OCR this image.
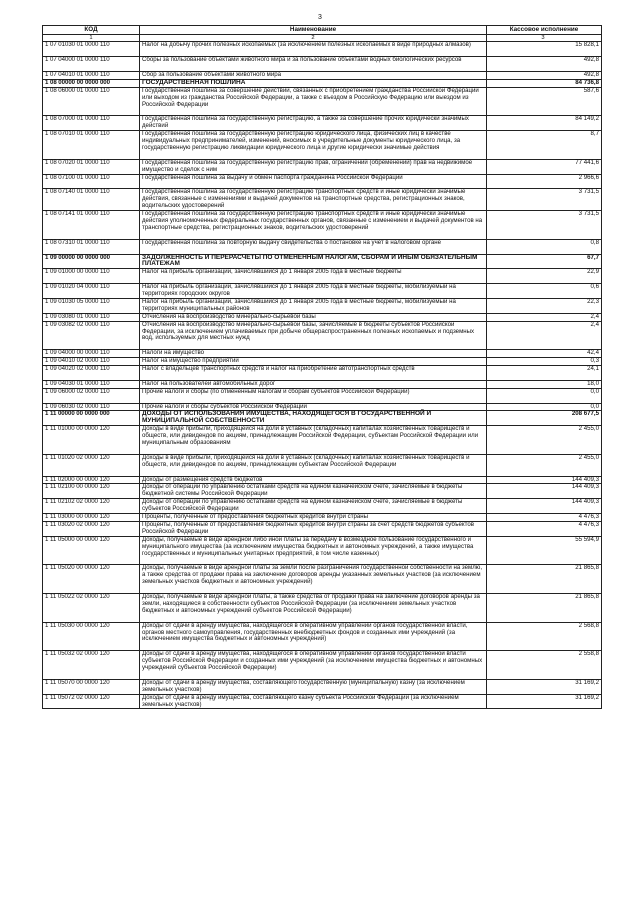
3
КОД	Наименование	Кассовое исполнение
1	2	3
1 07 01030 01 0000 110	Налог на добычу прочих полезных ископаемых (за исключением полезных ископаемых в виде природных алмазов)	15 828,1
1 07 04000 01 0000 110	Сборы за пользование объектами животного мира и за пользование объектами водных биологических ресурсов	492,8
1 07 04010 01 0000 110	Сбор за пользование объектами животного мира	492,8
1 08 00000 00 0000 000	ГОСУДАРСТВЕННАЯ ПОШЛИНА	84 736,8
1 08 06000 01 0000 110	Государственная пошлина за совершение действий, связанных с приобретением гражданства Российской Федерации или выходом из гражданства Российской Федерации, а также с въездом в Российскую Федерацию или выездом из Российской Федерации	587,6
1 08 07000 01 0000 110	Государственная пошлина за государственную регистрацию, а также за совершение прочих юридически значимых действий	84 149,2
1 08 07010 01 0000 110	Государственная пошлина за государственную регистрацию юридического лица, физических лиц в качестве индивидуальных предпринимателей, изменений, вносимых в учредительные документы юридического лица, за государственную регистрацию ликвидации юридического лица и другие юридически значимые действия	8,7
1 08 07020 01 0000 110	Государственная пошлина за государственную регистрацию прав, ограничений (обременений) прав на недвижимое имущество и сделок с ним	77 441,6
1 08 07100 01 0000 110	Государственная пошлина за выдачу и обмен паспорта гражданина Российской Федерации	2 966,6
1 08 07140 01 0000 110	Государственная пошлина за государственную регистрацию транспортных средств и иные юридически значимые действия, связанные с изменениями и выдачей документов на транспортные средства, регистрационных знаков, водительских удостоверений	3 731,5
1 08 07141 01 0000 110	Государственная пошлина за государственную регистрацию транспортных средств и иные юридически значимые действия уполномоченных федеральных государственных органов, связанные с изменением и выдачей документов на транспортные средства, регистрационных знаков, водительских удостоверений	3 731,5
1 08 07310 01 0000 110	Государственная пошлина за повторную выдачу свидетельства о постановке на учет в налоговом органе	0,8
1 09 00000 00 0000 000	ЗАДОЛЖЕННОСТЬ И ПЕРЕРАСЧЕТЫ ПО ОТМЕНЕННЫМ НАЛОГАМ, СБОРАМ И ИНЫМ ОБЯЗАТЕЛЬНЫМ ПЛАТЕЖАМ	67,7
1 09 01000 00 0000 110	Налог на прибыль организаций, зачислявшийся до 1 января 2005 года в местные бюджеты	22,9
1 09 01020 04 0000 110	Налог на прибыль организаций, зачислявшийся до 1 января 2005 года в местные бюджеты, мобилизуемый на территориях городских округов	0,6
1 09 01030 05 0000 110	Налог на прибыль организаций, зачислявшийся до 1 января 2005 года в местные бюджеты, мобилизуемый на территориях муниципальных районов	22,3
1 09 03080 01 0000 110	Отчисления на воспроизводство минерально-сырьевой базы	2,4
1 09 03082 02 0000 110	Отчисления на воспроизводство минерально-сырьевой базы, зачисляемые в бюджеты субъектов Российской Федерации, за исключением уплачиваемых при добыче общераспространенных полезных ископаемых и подземных вод, используемых для местных нужд	2,4
1 09 04000 00 0000 110	Налоги на имущество	42,4
1 09 04010 02 0000 110	Налог на имущество предприятий	0,3
1 09 04020 02 0000 110	Налог с владельцев транспортных средств и налог на приобретение автотранспортных средств	24,1
1 09 04030 01 0000 110	Налог на пользователей автомобильных дорог	18,0
1 09 06000 02 0000 110	Прочие налоги и сборы (по отмененным налогам и сборам субъектов Российской Федерации)	0,0
1 09 06030 02 0000 110	Прочие налоги и сборы субъектов Российской Федерации	0,0
1 11 00000 00 0000 000	ДОХОДЫ ОТ ИСПОЛЬЗОВАНИЯ ИМУЩЕСТВА, НАХОДЯЩЕГОСЯ В ГОСУДАРСТВЕННОЙ И МУНИЦИПАЛЬНОЙ СОБСТВЕННОСТИ	208 677,5
1 11 01000 00 0000 120	Доходы в виде прибыли, приходящейся на доли в уставных (складочных) капиталах хозяйственных товариществ и обществ, или дивидендов по акциям, принадлежащим Российской Федерации, субъектам Российской Федерации или муниципальным образованиям	2 455,0
1 11 01020 02 0000 120	Доходы в виде прибыли, приходящейся на доли в уставных (складочных) капиталах хозяйственных товариществ и обществ, или дивидендов по акциям, принадлежащим субъектам Российской Федерации	2 455,0
1 11 02000 00 0000 120	Доходы от размещения средств бюджетов	144 409,3
1 11 02100 00 0000 120	Доходы от операций по управлению остатками средств на едином казначейском счете, зачисляемые в бюджеты бюджетной системы Российской Федерации	144 409,3
1 11 02102 02 0000 120	Доходы от операций по управлению остатками средств на едином казначейском счете, зачисляемые в бюджеты субъектов Российской Федерации	144 409,3
1 11 03000 00 0000 120	Проценты, полученные от предоставления бюджетных кредитов внутри страны	4 476,3
1 11 03020 02 0000 120	Проценты, полученные от предоставления бюджетных кредитов внутри страны за счет средств бюджетов субъектов Российской Федерации	4 476,3
1 11 05000 00 0000 120	Доходы, получаемые в виде арендной либо иной платы за передачу в возмездное пользование государственного и муниципального имущества (за исключением имущества бюджетных и автономных учреждений, а также имущества государственных и муниципальных унитарных предприятий, в том числе казенных)	55 594,9
1 11 05020 00 0000 120	Доходы, получаемые в виде арендной платы за земли после разграничения государственной собственности на землю, а также средства от продажи права на заключение договоров аренды указанных земельных участков (за исключением земельных участков бюджетных и автономных учреждений)	21 865,8
1 11 05022 02 0000 120	Доходы, получаемые в виде арендной платы, а также средства от продажи права на заключение договоров аренды за земли, находящиеся в собственности субъектов Российской Федерации (за исключением земельных участков бюджетных и автономных учреждений субъектов Российской Федерации)	21 865,8
1 11 05030 00 0000 120	Доходы от сдачи в аренду имущества, находящегося в оперативном управлении органов государственной власти, органов местного самоуправления, государственных внебюджетных фондов и созданных ими учреждений (за исключением имущества бюджетных и автономных учреждений)	2 568,8
1 11 05032 02 0000 120	Доходы от сдачи в аренду имущества, находящегося в оперативном управлении органов государственной власти субъектов Российской Федерации и созданных ими учреждений (за исключением имущества бюджетных и автономных учреждений субъектов Российской Федерации)	2 558,8
1 11 05070 00 0000 120	Доходы от сдачи в аренду имущества, составляющего государственную (муниципальную) казну (за исключением земельных участков)	31 169,2
1 11 05072 02 0000 120	Доходы от сдачи в аренду имущества, составляющего казну субъекта Российской Федерации (за исключением земельных участков)	31 169,2
